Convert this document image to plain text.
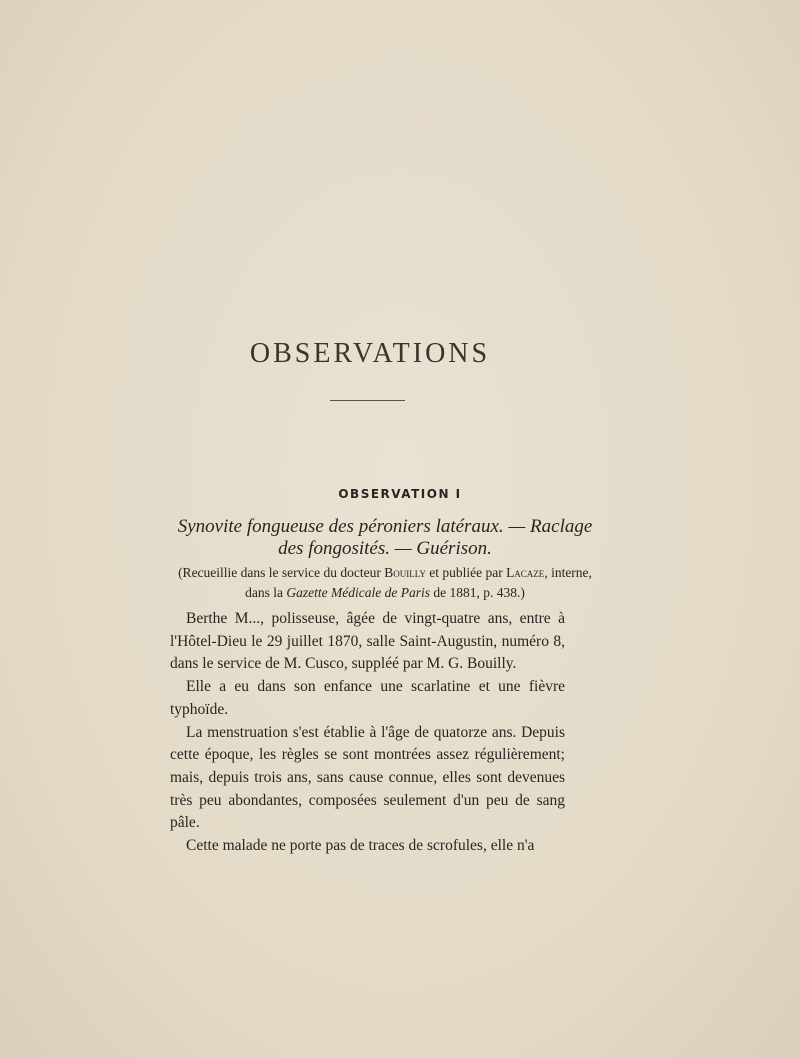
OBSERVATIONS
OBSERVATION I

Synovite fongueuse des péroniers latéraux. — Raclage
des fongosités. — Guérison.

(Recueillie dans le service du docteur Bouilly et publiée par Lacaze, interne,
dans la Gazette Médicale de Paris de 1881, p. 438.)

Berthe M..., polisseuse, âgée de vingt-quatre ans, entre à l'Hôtel-Dieu le 29 juillet 1870, salle Saint-Augustin, numéro 8, dans le service de M. Cusco, suppléé par M. G. Bouilly.

Elle a eu dans son enfance une scarlatine et une fièvre typhoïde.

La menstruation s'est établie à l'âge de quatorze ans. Depuis cette époque, les règles se sont montrées assez régulièrement; mais, depuis trois ans, sans cause connue, elles sont devenues très peu abondantes, composées seulement d'un peu de sang pâle.

Cette malade ne porte pas de traces de scrofules, elle n'a
